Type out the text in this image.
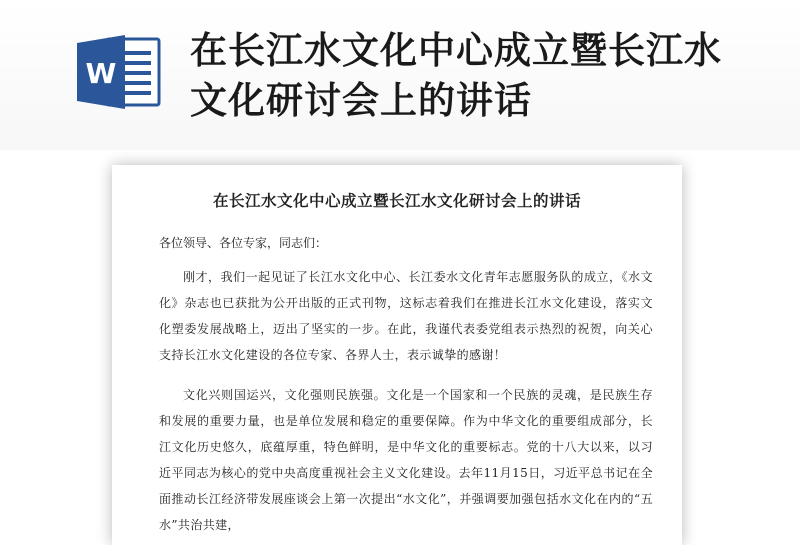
W
在长江水文化中心成立暨长江水文化研讨会上的讲话
在长江水文化中心成立暨长江水文化研讨会上的讲话

各位领导、各位专家，同志们：

刚才，我们一起见证了长江水文化中心、长江委水文化青年志愿服务队的成立，《水文化》杂志也已获批为公开出版的正式刊物，这标志着我们在推进长江水文化建设，落实文化塑委发展战略上，迈出了坚实的一步。在此，我谨代表委党组表示热烈的祝贺，向关心支持长江水文化建设的各位专家、各界人士，表示诚挚的感谢！

文化兴则国运兴，文化强则民族强。文化是一个国家和一个民族的灵魂，是民族生存和发展的重要力量，也是单位发展和稳定的重要保障。作为中华文化的重要组成部分，长江文化历史悠久，底蕴厚重，特色鲜明，是中华文化的重要标志。党的十八大以来，以习近平同志为核心的党中央高度重视社会主义文化建设。去年11月15日，习近平总书记在全面推动长江经济带发展座谈会上第一次提出“水文化”，并强调要加强包括水文化在内的“五水”共治共建，
